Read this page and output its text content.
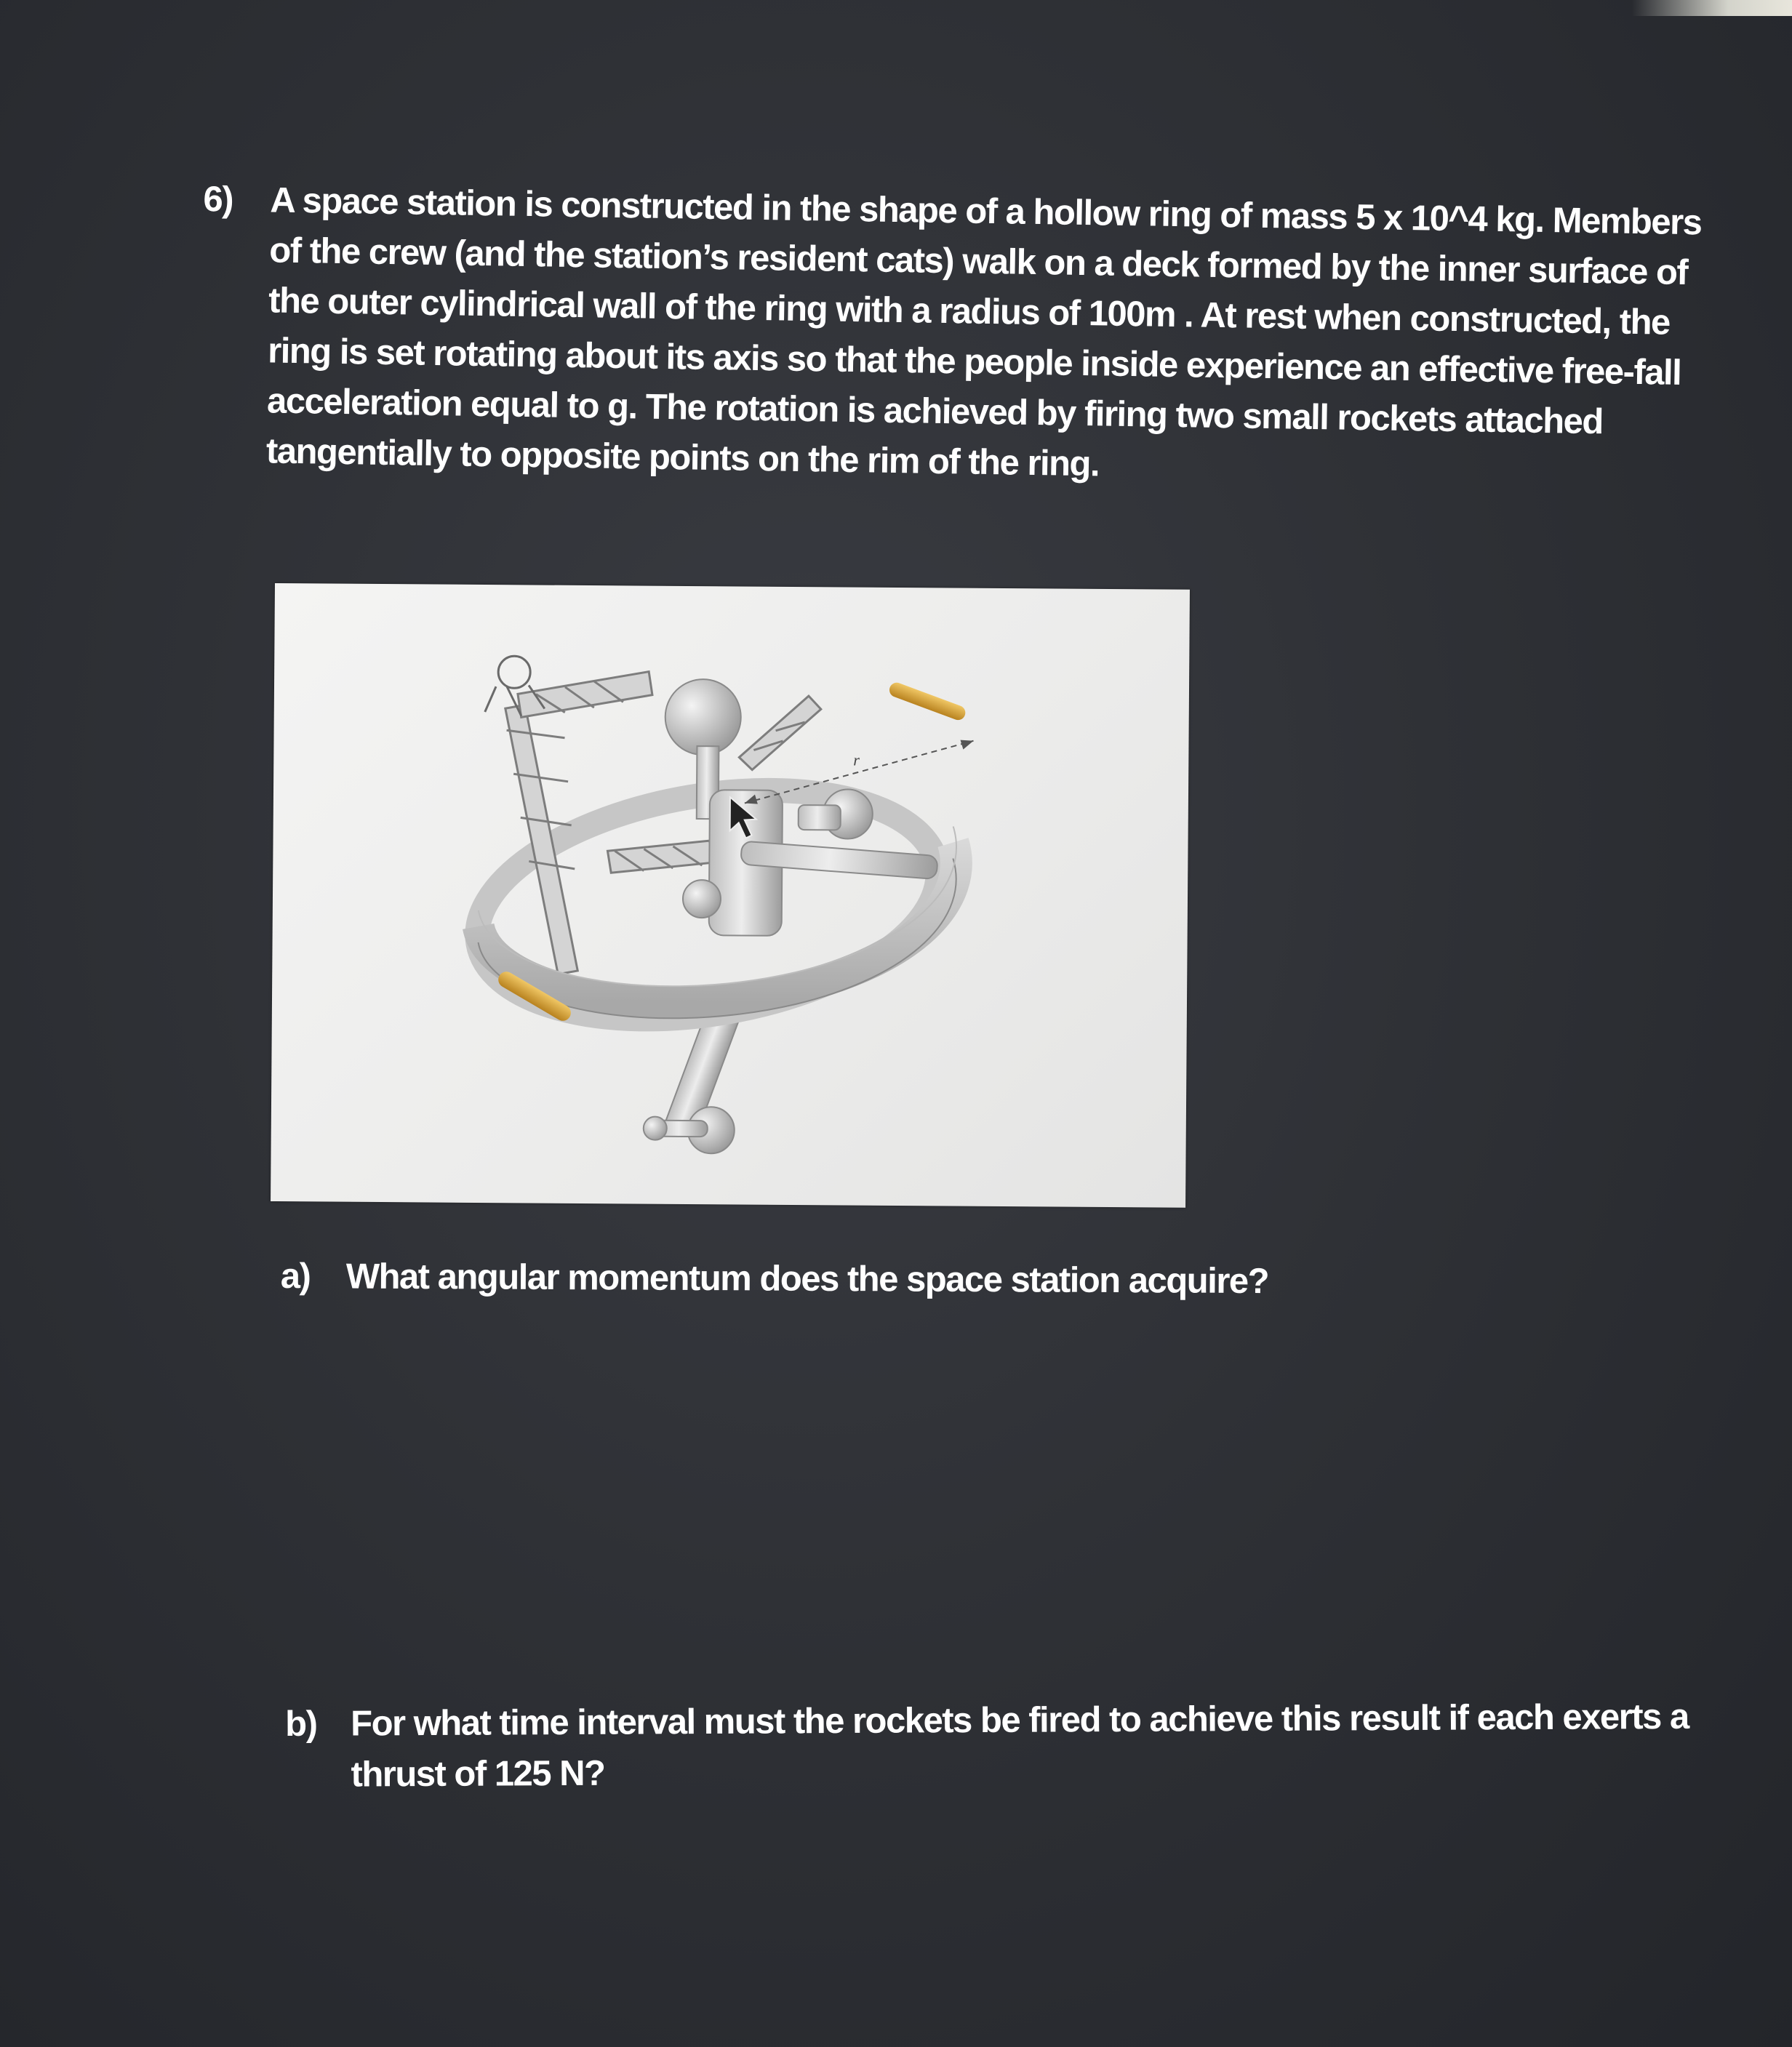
6)	A space station is constructed in the shape of a hollow ring of mass 5 x 10^4 kg. Members of the crew (and the station’s resident cats) walk on a deck formed by the inner surface of the outer cylindrical wall of the ring with a radius of 100m . At rest when constructed, the ring is set rotating about its axis so that the people inside experience an effective free-fall acceleration equal to g. The rotation is achieved by firing two small rockets attached tangentially to opposite points on the rim of the ring.
r
a) What angular momentum does the space station acquire?
b) For what time interval must the rockets be fired to achieve this result if each exerts a thrust of 125 N?
